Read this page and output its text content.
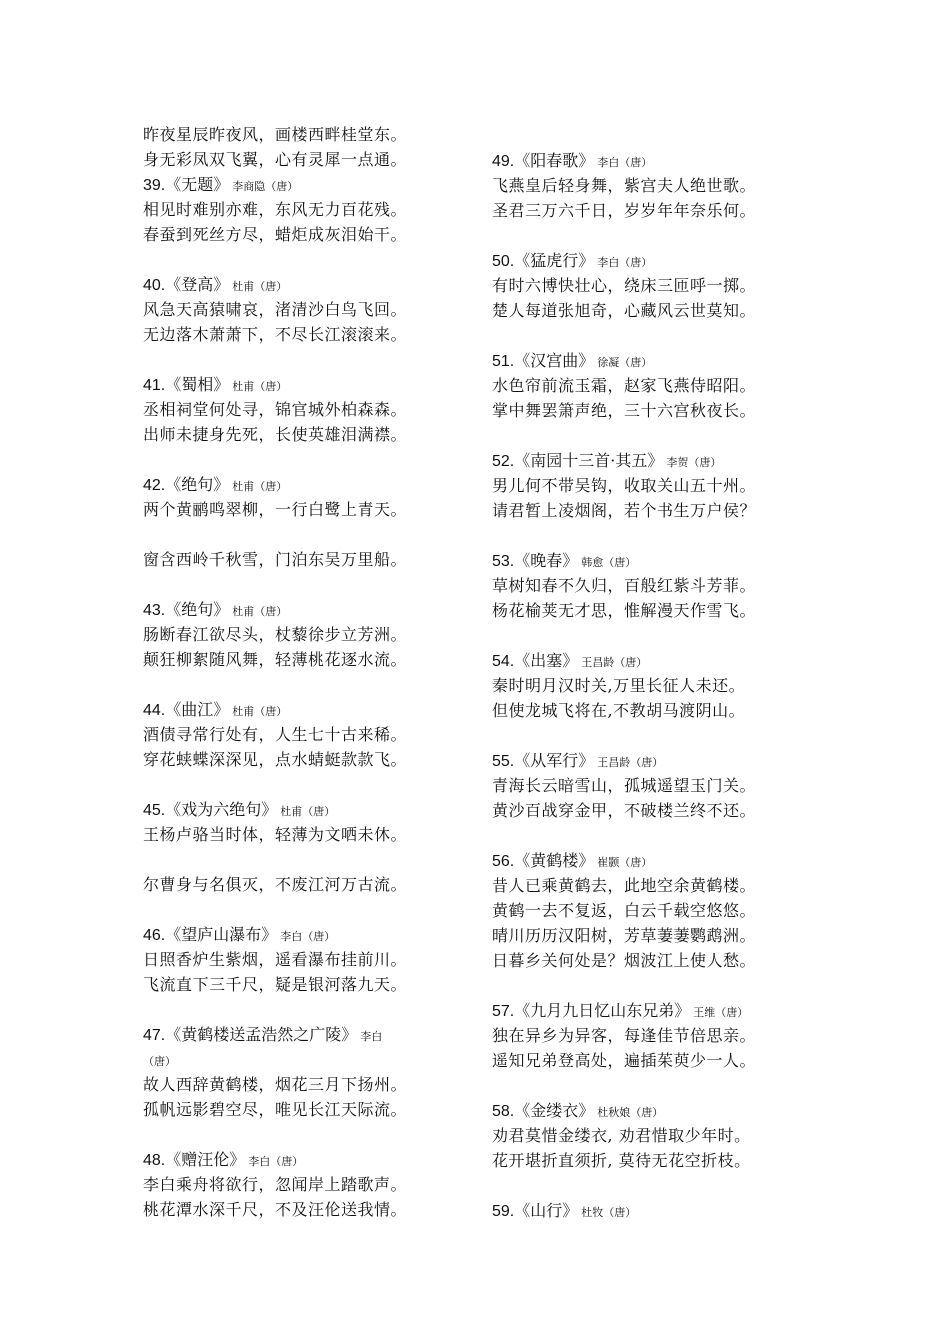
昨夜星辰昨夜风，画楼西畔桂堂东。
身无彩凤双飞翼，心有灵犀一点通。
39.《无题》 李商隐（唐）
相见时难别亦难，东风无力百花残。
春蚕到死丝方尽，蜡炬成灰泪始干。
40.《登高》 杜甫（唐）
风急天高猿啸哀，渚清沙白鸟飞回。
无边落木萧萧下，不尽长江滚滚来。
41.《蜀相》 杜甫（唐）
丞相祠堂何处寻，锦官城外柏森森。
出师未捷身先死，长使英雄泪满襟。
42.《绝句》 杜甫（唐）
两个黄鹂鸣翠柳，一行白鹭上青天。
窗含西岭千秋雪，门泊东吴万里船。
43.《绝句》 杜甫（唐）
肠断春江欲尽头，杖藜徐步立芳洲。
颠狂柳絮随风舞，轻薄桃花逐水流。
44.《曲江》 杜甫（唐）
酒债寻常行处有，人生七十古来稀。
穿花蛱蝶深深见，点水蜻蜓款款飞。
45.《戏为六绝句》 杜甫（唐）
王杨卢骆当时体，轻薄为文哂未休。
尔曹身与名俱灭，不废江河万古流。
46.《望庐山瀑布》 李白（唐）
日照香炉生紫烟，遥看瀑布挂前川。
飞流直下三千尺，疑是银河落九天。
47.《黄鹤楼送孟浩然之广陵》 李白
（唐）
故人西辞黄鹤楼，烟花三月下扬州。
孤帆远影碧空尽，唯见长江天际流。
48.《赠汪伦》 李白（唐）
李白乘舟将欲行，忽闻岸上踏歌声。
桃花潭水深千尺，不及汪伦送我情。
49.《阳春歌》 李白（唐）
飞燕皇后轻身舞，紫宫夫人绝世歌。
圣君三万六千日，岁岁年年奈乐何。
50.《猛虎行》 李白（唐）
有时六博快壮心，绕床三匝呼一掷。
楚人每道张旭奇，心藏风云世莫知。
51.《汉宫曲》 徐凝（唐）
水色帘前流玉霜，赵家飞燕侍昭阳。
掌中舞罢箫声绝，三十六宫秋夜长。
52.《南园十三首·其五》 李贺（唐）
男儿何不带吴钩，收取关山五十州。
请君暂上凌烟阁，若个书生万户侯？
53.《晚春》 韩愈（唐）
草树知春不久归，百般红紫斗芳菲。
杨花榆荚无才思，惟解漫天作雪飞。
54.《出塞》 王昌龄（唐）
秦时明月汉时关,万里长征人未还。
但使龙城飞将在,不教胡马渡阴山。
55.《从军行》 王昌龄（唐）
青海长云暗雪山，孤城遥望玉门关。
黄沙百战穿金甲，不破楼兰终不还。
56.《黄鹤楼》 崔颢（唐）
昔人已乘黄鹤去，此地空余黄鹤楼。
黄鹤一去不复返，白云千载空悠悠。
晴川历历汉阳树，芳草萋萋鹦鹉洲。
日暮乡关何处是？烟波江上使人愁。
57.《九月九日忆山东兄弟》 王维（唐）
独在异乡为异客，每逢佳节倍思亲。
遥知兄弟登高处，遍插茱萸少一人。
58.《金缕衣》 杜秋娘（唐）
劝君莫惜金缕衣, 劝君惜取少年时。
花开堪折直须折, 莫待无花空折枝。
59.《山行》 杜牧（唐）
